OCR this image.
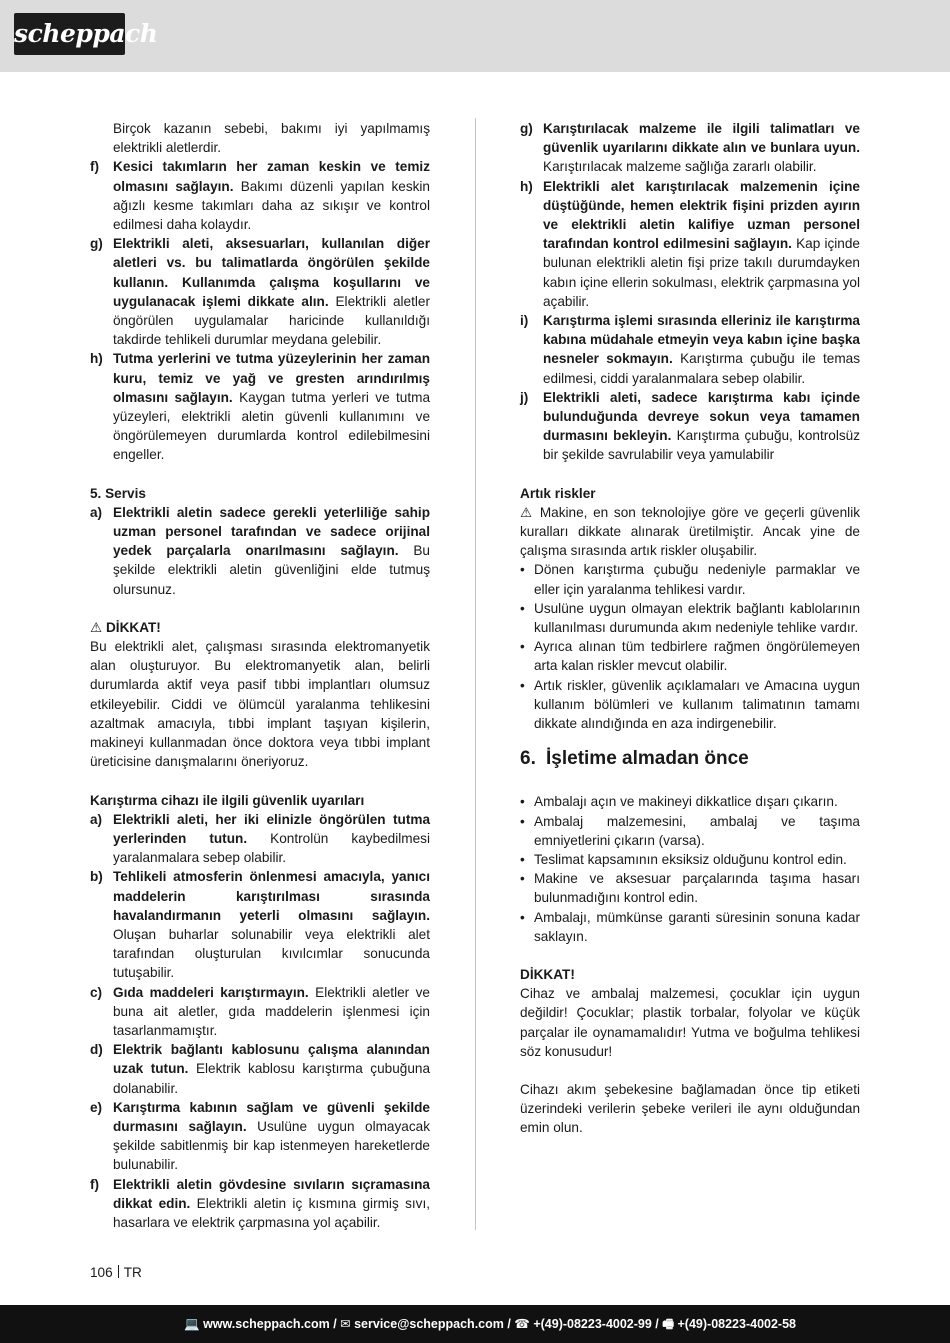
scheppach

Birçok kazanın sebebi, bakımı iyi yapılmamış elektrikli aletlerdir.

f) Kesici takımların her zaman keskin ve temiz olmasını sağlayın. Bakımı düzenli yapılan keskin ağızlı kesme takımları daha az sıkışır ve kontrol edilmesi daha kolaydır.
g) Elektrikli aleti, aksesuarları, kullanılan diğer aletleri vs. bu talimatlarda öngörülen şekilde kullanın. Kullanımda çalışma koşullarını ve uygulanacak işlemi dikkate alın. Elektrikli aletler öngörülen uygulamalar haricinde kullanıldığı takdirde tehlikeli durumlar meydana gelebilir.
h) Tutma yerlerini ve tutma yüzeylerinin her zaman kuru, temiz ve yağ ve gresten arındırılmış olmasını sağlayın. Kaygan tutma yerleri ve tutma yüzeyleri, elektrikli aletin güvenli kullanımını ve öngörülemeyen durumlarda kontrol edilebilmesini engeller.

5. Servis

a) Elektrikli aletin sadece gerekli yeterliliğe sahip uzman personel tarafından ve sadece orijinal yedek parçalarla onarılmasını sağlayın. Bu şekilde elektrikli aletin güvenliğini elde tutmuş olursunuz.

⚠ DİKKAT!

Bu elektrikli alet, çalışması sırasında elektromanyetik alan oluşturuyor. Bu elektromanyetik alan, belirli durumlarda aktif veya pasif tıbbi implantları olumsuz etkileyebilir. Ciddi ve ölümcül yaralanma tehlikesini azaltmak amacıyla, tıbbi implant taşıyan kişilerin, makineyi kullanmadan önce doktora veya tıbbi implant üreticisine danışmalarını öneriyoruz.

Karıştırma cihazı ile ilgili güvenlik uyarıları

a) Elektrikli aleti, her iki elinizle öngörülen tutma yerlerinden tutun. Kontrolün kaybedilmesi yaralanmalara sebep olabilir.
b) Tehlikeli atmosferin önlenmesi amacıyla, yanıcı maddelerin karıştırılması sırasında havalandırmanın yeterli olmasını sağlayın. Oluşan buharlar solunabilir veya elektrikli alet tarafından oluşturulan kıvılcımlar sonucunda tutuşabilir.
c) Gıda maddeleri karıştırmayın. Elektrikli aletler ve buna ait aletler, gıda maddelerin işlenmesi için tasarlanmamıştır.
d) Elektrik bağlantı kablosunu çalışma alanından uzak tutun. Elektrik kablosu karıştırma çubuğuna dolanabilir.
e) Karıştırma kabının sağlam ve güvenli şekilde durmasını sağlayın. Usulüne uygun olmayacak şekilde sabitlenmiş bir kap istenmeyen hareketlerde bulunabilir.
f) Elektrikli aletin gövdesine sıvıların sıçramasına dikkat edin. Elektrikli aletin iç kısmına girmiş sıvı, hasarlara ve elektrik çarpmasına yol açabilir.
g) Karıştırılacak malzeme ile ilgili talimatları ve güvenlik uyarılarını dikkate alın ve bunlara uyun. Karıştırılacak malzeme sağlığa zararlı olabilir.
h) Elektrikli alet karıştırılacak malzemenin içine düştüğünde, hemen elektrik fişini prizden ayırın ve elektrikli aletin kalifiye uzman personel tarafından kontrol edilmesini sağlayın. Kap içinde bulunan elektrikli aletin fişi prize takılı durumdayken kabın içine ellerin sokulması, elektrik çarpmasına yol açabilir.
i) Karıştırma işlemi sırasında elleriniz ile karıştırma kabına müdahale etmeyin veya kabın içine başka nesneler sokmayın. Karıştırma çubuğu ile temas edilmesi, ciddi yaralanmalara sebep olabilir.
j) Elektrikli aleti, sadece karıştırma kabı içinde bulunduğunda devreye sokun veya tamamen durmasını bekleyin. Karıştırma çubuğu, kontrolsüz bir şekilde savrulabilir veya yamulabilir

Artık riskler

⚠ Makine, en son teknolojiye göre ve geçerli güvenlik kuralları dikkate alınarak üretilmiştir. Ancak yine de çalışma sırasında artık riskler oluşabilir.

• Dönen karıştırma çubuğu nedeniyle parmaklar ve eller için yaralanma tehlikesi vardır.
• Usulüne uygun olmayan elektrik bağlantı kablolarının kullanılması durumunda akım nedeniyle tehlike vardır.
• Ayrıca alınan tüm tedbirlere rağmen öngörülemeyen arta kalan riskler mevcut olabilir.
• Artık riskler, güvenlik açıklamaları ve Amacına uygun kullanım bölümleri ve kullanım talimatının tamamı dikkate alındığında en aza indirgenebilir.
6. İşletime almadan önce
• Ambalajı açın ve makineyi dikkatlice dışarı çıkarın.
• Ambalaj malzemesini, ambalaj ve taşıma emniyetlerini çıkarın (varsa).
• Teslimat kapsamının eksiksiz olduğunu kontrol edin.
• Makine ve aksesuar parçalarında taşıma hasarı bulunmadığını kontrol edin.
• Ambalajı, mümkünse garanti süresinin sonuna kadar saklayın.

DİKKAT!

Cihaz ve ambalaj malzemesi, çocuklar için uygun değildir! Çocuklar; plastik torbalar, folyolar ve küçük parçalar ile oynamamalıdır! Yutma ve boğulma tehlikesi söz konusudur!

Cihazı akım şebekesine bağlamadan önce tip etiketi üzerindeki verilerin şebeke verileri ile aynı olduğundan emin olun.

106 TR
💻 www.scheppach.com / ✉ service@scheppach.com / ☎ +(49)-08223-4002-99 / 🖷 +(49)-08223-4002-58
